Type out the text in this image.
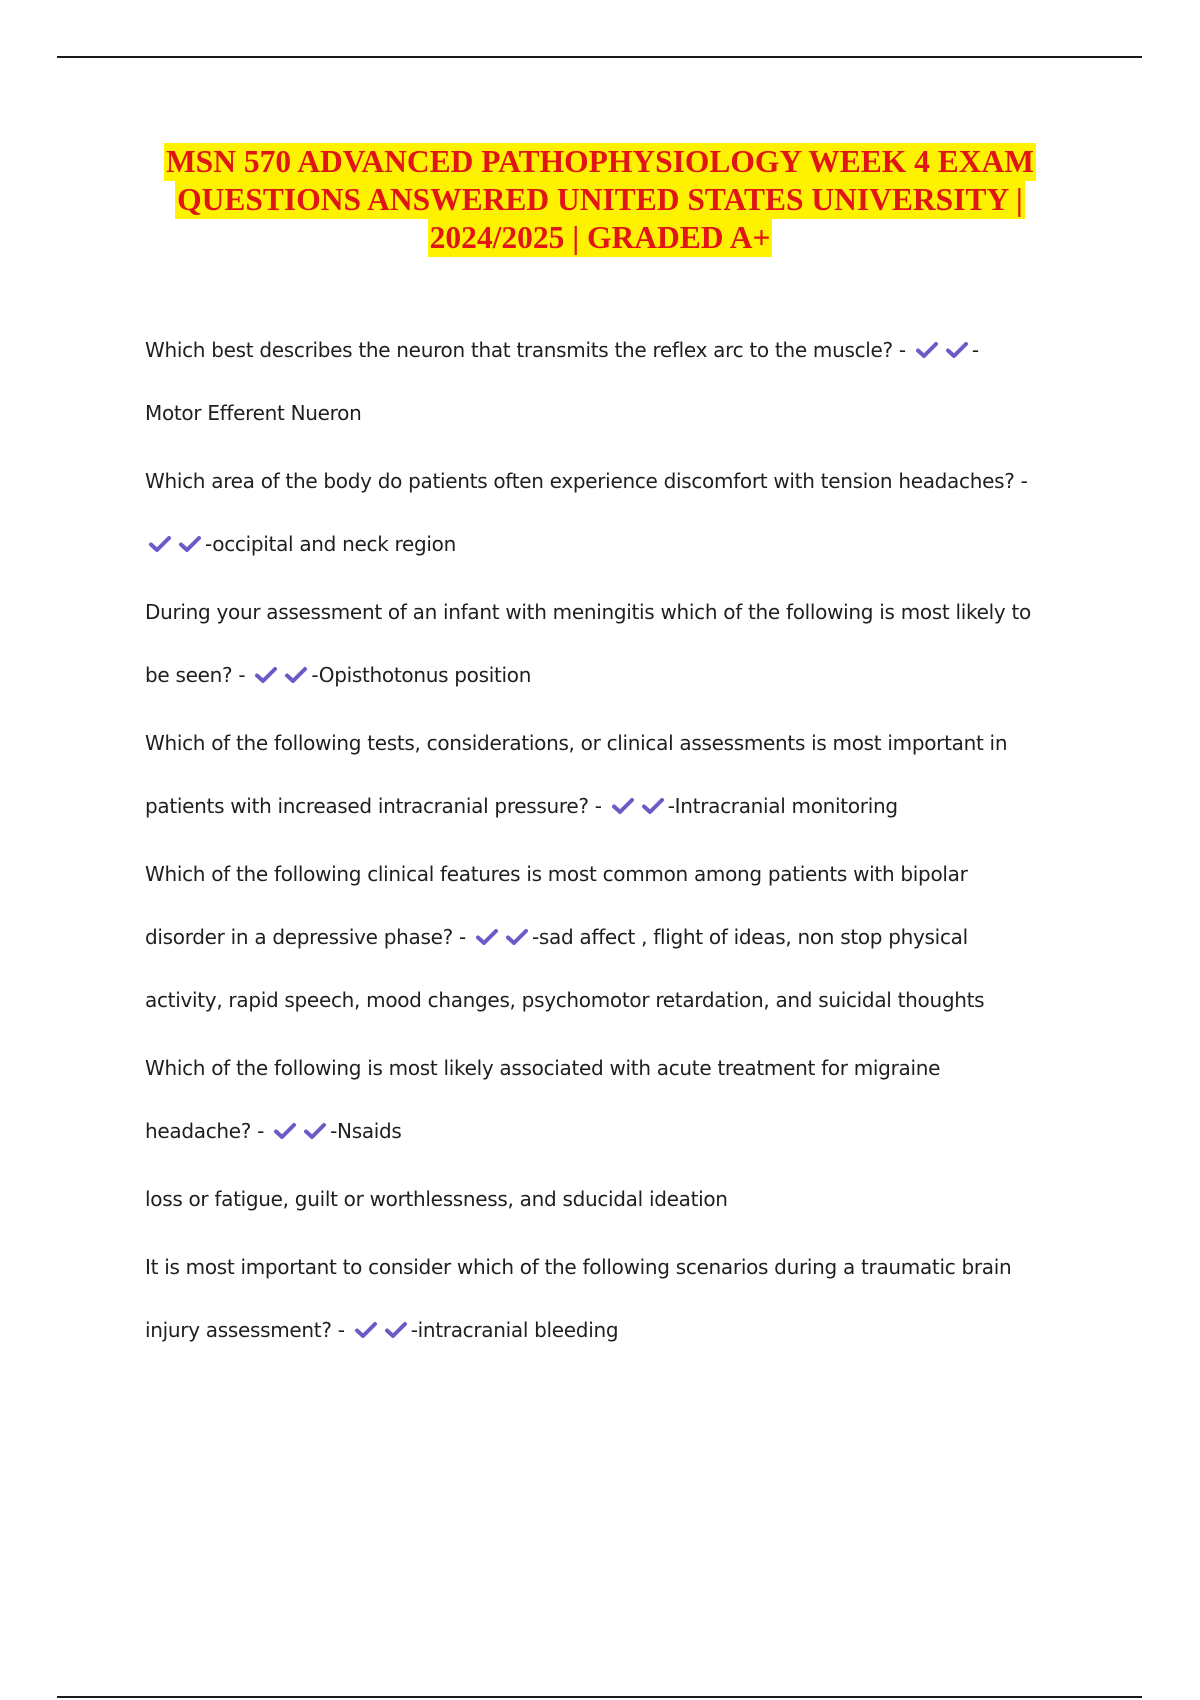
MSN 570 ADVANCED PATHOPHYSIOLOGY WEEK 4 EXAM
QUESTIONS ANSWERED UNITED STATES UNIVERSITY |
2024/2025 | GRADED A+
Which best describes the neuron that transmits the reflex arc to the muscle? -	-
Motor Efferent Nueron
Which area of the body do patients often experience discomfort with tension headaches? -
-occipital and neck region
During your assessment of an infant with meningitis which of the following is most likely to
be seen? -	-Opisthotonus position
Which of the following tests, considerations, or clinical assessments is most important in
patients with increased intracranial pressure? -	-Intracranial monitoring
Which of the following clinical features is most common among patients with bipolar
disorder in a depressive phase? -	-sad affect , flight of ideas, non stop physical
activity, rapid speech, mood changes, psychomotor retardation, and suicidal thoughts
Which of the following is most likely associated with acute treatment for migraine
headache? -	-Nsaids
loss or fatigue, guilt or worthlessness, and sducidal ideation
It is most important to consider which of the following scenarios during a traumatic brain
injury assessment? -	-intracranial bleeding
